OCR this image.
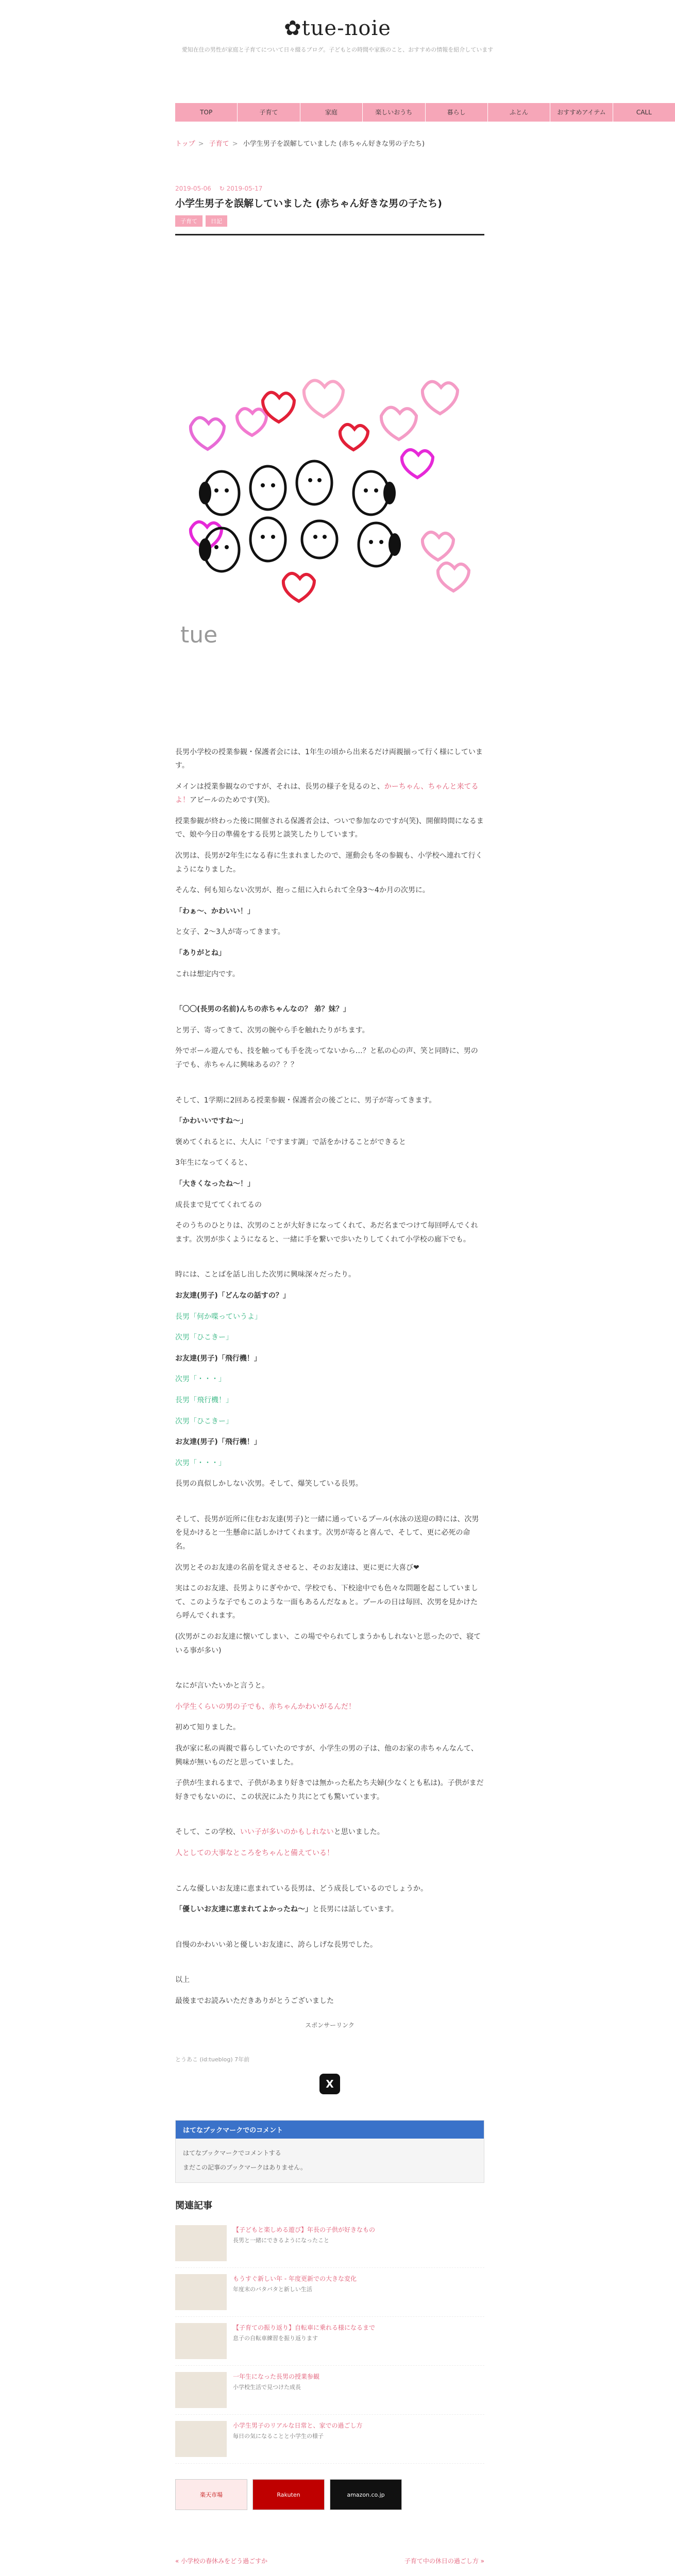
✿tue-noie
愛知在住の男性が家庭と子育てについて日々綴るブログ。子どもとの時間や家族のこと、おすすめの情報を紹介しています
TOP	子育て	家庭	楽しいおうち	暮らし	ふとん	おすすめアイテム	CALL
トップ > 子育て > 小学生男子を誤解していました (赤ちゃん好きな男の子たち)
2019-05-06 ↻ 2019-05-17
小学生男子を誤解していました (赤ちゃん好きな男の子たち)
子育て	日記
tue

長男小学校の授業参観・保護者会には、1年生の頃から出来るだけ両親揃って行く様にしています。

メインは授業参観なのですが、それは、長男の様子を見るのと、かーちゃん、ちゃんと来てるよ！アピールのためです(笑)。

授業参観が終わった後に開催される保護者会は、ついで参加なのですが(笑)、開催時間になるまで、娘や今日の準備をする長男と談笑したりしています。

次男は、長男が2年生になる春に生まれましたので、運動会も冬の参観も、小学校へ連れて行くようになりました。

そんな、何も知らない次男が、抱っこ紐に入れられて全身3～4か月の次男に。

「わぁ〜、かわいい！」

と女子、2～3人が寄ってきます。

「ありがとね」

これは想定内です。

「〇〇(長男の名前)んちの赤ちゃんなの？ 弟？妹？」

と男子、寄ってきて、次男の腕やら手を触れたりがちます。

外でボール遊んでも、技を触っても手を洗ってないから…？と私の心の声、笑と同時に、男の子でも、赤ちゃんに興味あるの？？？

そして、1学期に2回ある授業参観・保護者会の後ごとに、男子が寄ってきます。

「かわいいですね〜」

褒めてくれるとに、大人に「ですます調」で話をかけることができると

3年生になってくると、

「大きくなったね〜！」

成長まで見ててくれてるの

そのうちのひとりは、次男のことが大好きになってくれて、あだ名までつけて毎回呼んでくれます。次男が歩くようになると、一緒に手を繋いで歩いたりしてくれて小学校の廊下でも。

時には、ことばを話し出した次男に興味深々だったり。

お友達(男子)「どんなの話すの？」

長男「何か喋っていうよ」

次男「ひこきー」

お友達(男子)「飛行機！」

次男「・・・」

長男「飛行機！」

次男「ひこきー」

お友達(男子)「飛行機！」

次男「・・・」

長男の真似しかしない次男。そして、爆笑している長男。

そして、長男が近所に住むお友達(男子)と一緒に通っているプール(水泳の送迎の時には、次男を見かけると一生懸命に話しかけてくれます。次男が寄ると喜んで、そして、更に必死の命名。

次男とそのお友達の名前を覚えさせると、そのお友達は、更に更に大喜び❤

実はこのお友達、長男よりにぎやかで、学校でも、下校途中でも色々な問題を起こしていまして、このような子でもこのような一面もあるんだなぁと。プールの日は毎回、次男を見かけたら呼んでくれます。

(次男がこのお友達に懐いてしまい、この場でやられてしまうかもしれないと思ったので、寝ている事が多い)

なにが言いたいかと言うと。

小学生くらいの男の子でも、赤ちゃんかわいがるんだ！

初めて知りました。

我が家に私の両親で暮らしていたのですが、小学生の男の子は、他のお家の赤ちゃんなんて、興味が無いものだと思っていました。

子供が生まれるまで、子供があまり好きでは無かった私たち夫婦(少なくとも私は)。子供がまだ好きでもないのに、この状況にふたり共にとても驚いています。

そして、この学校、いい子が多いのかもしれないと思いました。

人としての大事なところをちゃんと備えている！

こんな優しいお友達に恵まれている長男は、どう成長しているのでしょうか。

「優しいお友達に恵まれてよかったね〜」と長男には話しています。

自慢のかわいい弟と優しいお友達に、誇らしげな長男でした。

以上

最後までお読みいただきありがとうございました

スポンサーリンク
とうあこ (id:tueblog) 7年前
X
はてなブックマークでのコメント
はてなブックマークでコメントする
まだこの記事のブックマークはありません。
関連記事
【子どもと楽しめる遊び】年長の子供が好きなもの
長男と一緒にできるようになったこと
もうすぐ新しい年 - 年度更新での大きな変化
年度末のバタバタと新しい生活
【子育ての振り返り】自転車に乗れる様になるまで
息子の自転車練習を振り返ります
一年生になった長男の授業参観
小学校生活で見つけた成長
小学生男子のリアルな日常と、家での過ごし方
毎日の気になることと小学生の様子
楽天市場	Rakuten	amazon.co.jp
« 小学校の春休みをどう過ごすか	子育て中の休日の過ごし方 »
